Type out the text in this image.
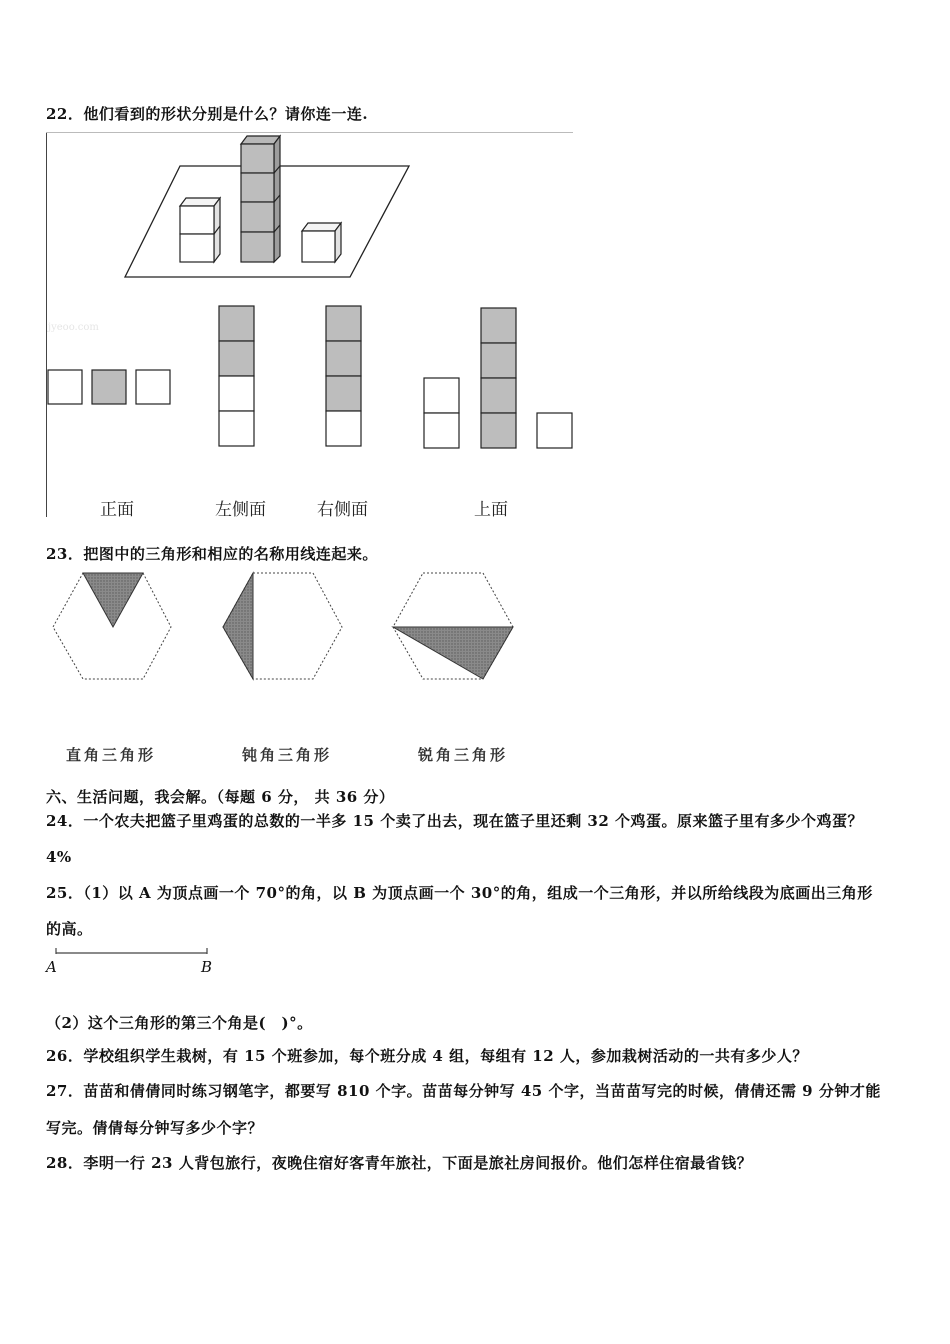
22．他们看到的形状分别是什么？请你连一连.
jyeoo.com
正面	左侧面	右侧面	上面
23．把图中的三角形和相应的名称用线连起来。
直角三角形	钝角三角形	锐角三角形
六、生活问题，我会解。（每题 6 分， 共 36 分）
24．一个农夫把篮子里鸡蛋的总数的一半多 15 个卖了出去，现在篮子里还剩 32 个鸡蛋。原来篮子里有多少个鸡蛋？
4%
25．（1）以 A 为顶点画一个 70°的角，以 B 为顶点画一个 30°的角，组成一个三角形，并以所给线段为底画出三角形
的高。
A	B
（2）这个三角形的第三个角是(　)°。
26．学校组织学生栽树，有 15 个班参加，每个班分成 4 组，每组有 12 人，参加栽树活动的一共有多少人？
27．苗苗和倩倩同时练习钢笔字，都要写 810 个字。苗苗每分钟写 45 个字，当苗苗写完的时候，倩倩还需 9 分钟才能
写完。倩倩每分钟写多少个字？
28．李明一行 23 人背包旅行，夜晚住宿好客青年旅社，下面是旅社房间报价。他们怎样住宿最省钱？
